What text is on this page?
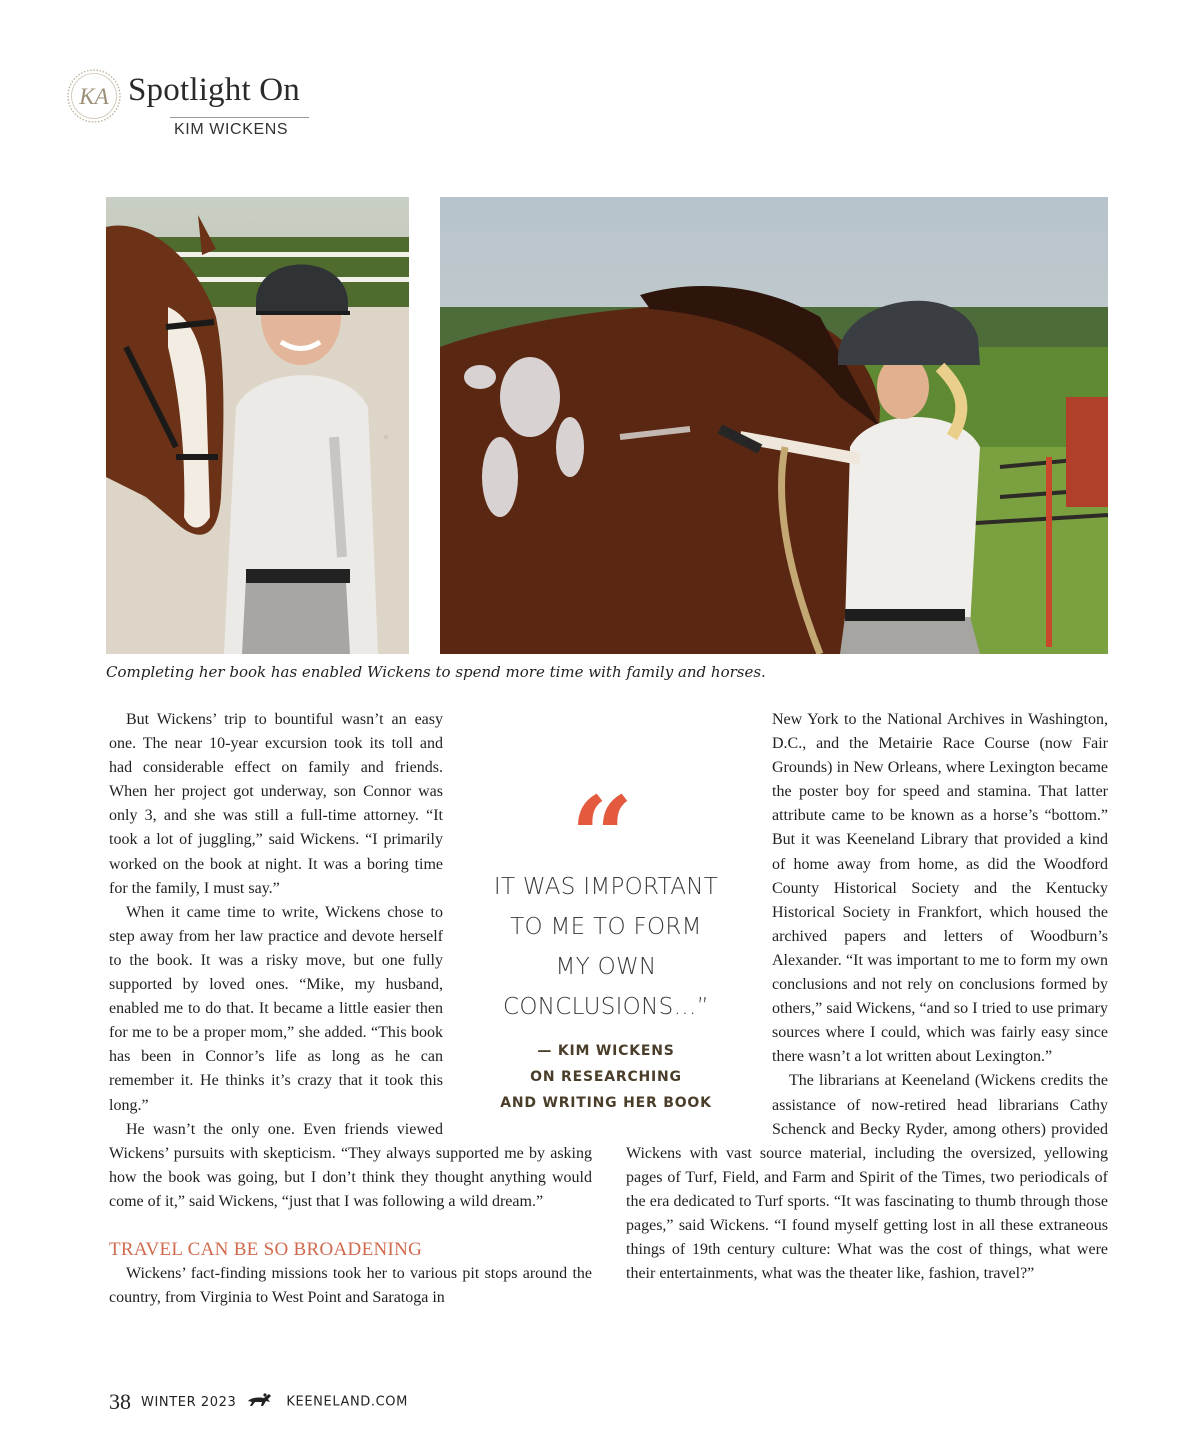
KA Spotlight On
KIM WICKENS
Completing her book has enabled Wickens to spend more time with family and horses.

But Wickens’ trip to bountiful wasn’t an easy one. The near 10-year excursion took its toll and had considerable effect on family and friends. When her project got underway, son Connor was only 3, and she was still a full-time attorney. “It took a lot of juggling,” said Wickens. “I primarily worked on the book at night. It was a boring time for the family, I must say.”

When it came time to write, Wickens chose to step away from her law practice and devote herself to the book. It was a risky move, but one fully supported by loved ones. “Mike, my husband, enabled me to do that. It became a little easier then for me to be a proper mom,” she added. “This book has been in Connor’s life as long as he can remember it. He thinks it’s crazy that it took this long.”

He wasn’t the only one. Even friends viewed Wickens’ pursuits with skepticism. “They always supported me by asking how the book was going, but I don’t think they thought anything would come of it,” said Wickens, “just that I was following a wild dream.”

TRAVEL CAN BE SO BROADENING

Wickens’ fact-finding missions took her to various pit stops around the country, from Virginia to West Point and Saratoga in

“
IT WAS IMPORTANT
TO ME TO FORM
MY OWN
CONCLUSIONS…”
— KIM WICKENS
ON RESEARCHING
AND WRITING HER BOOK

New York to the National Archives in Washington, D.C., and the Metairie Race Course (now Fair Grounds) in New Orleans, where Lexington became the poster boy for speed and stamina. That latter attribute came to be known as a horse’s “bottom.” But it was Keeneland Library that provided a kind of home away from home, as did the Woodford County Historical Society and the Kentucky Historical Society in Frankfort, which housed the archived papers and letters of Woodburn’s Alexander. “It was important to me to form my own conclusions and not rely on conclusions formed by others,” said Wickens, “and so I tried to use primary sources where I could, which was fairly easy since there wasn’t a lot written about Lexington.”

The librarians at Keeneland (Wickens credits the assistance of now-retired head librarians Cathy Schenck and Becky Ryder, among others) provided Wickens with vast source material, including the oversized, yellowing pages of Turf, Field, and Farm and Spirit of the Times, two periodicals of the era dedicated to Turf sports. “It was fascinating to thumb through those pages,” said Wickens. “I found myself getting lost in all these extraneous things of 19th century culture: What was the cost of things, what were their entertainments, what was the theater like, fashion, travel?”

38 WINTER 2023	KEENELAND.COM
